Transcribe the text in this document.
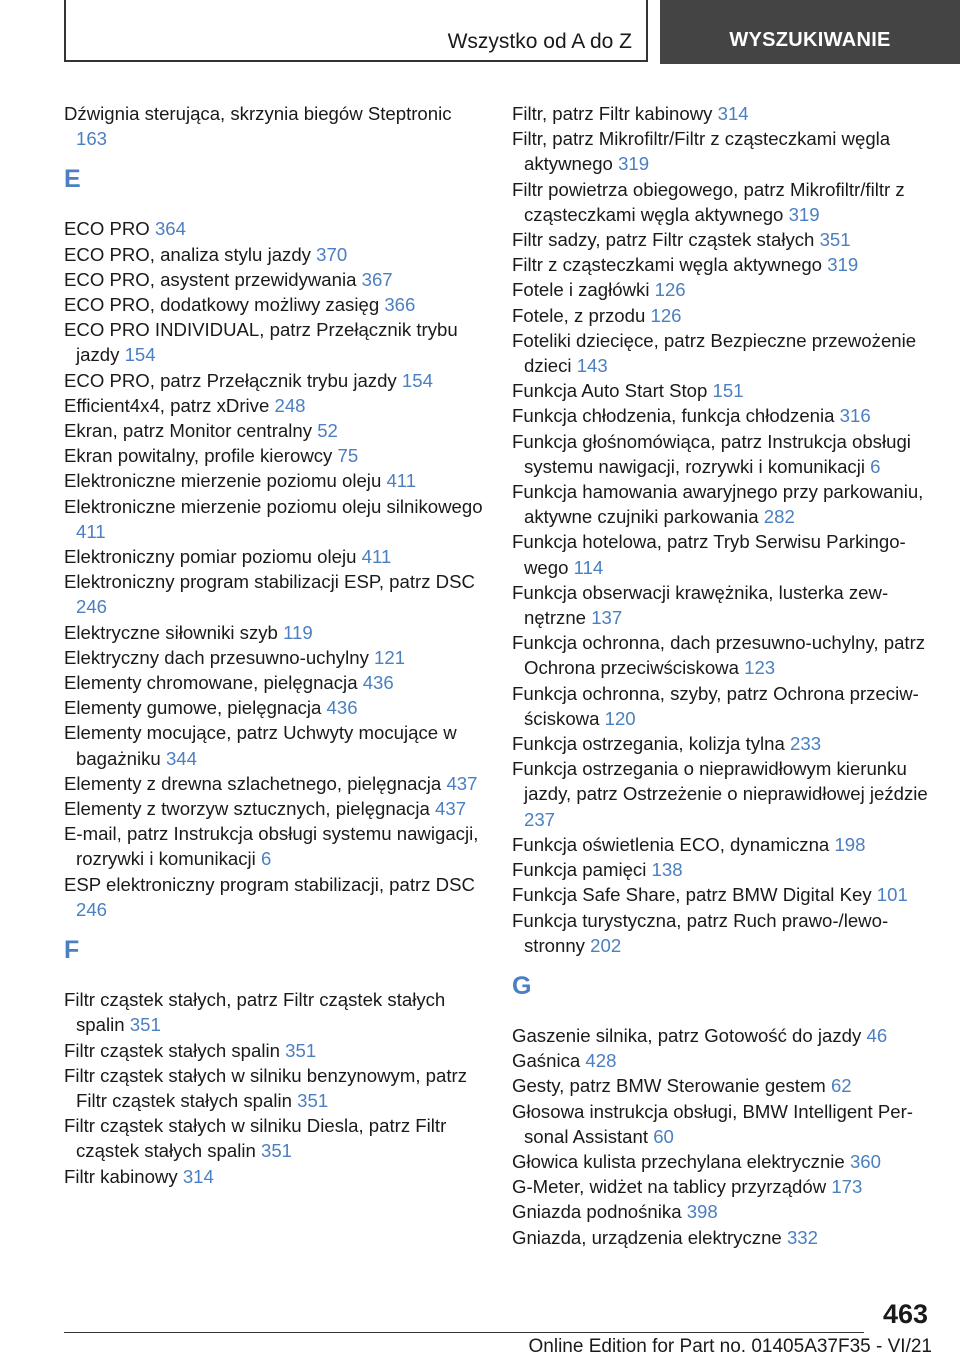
Wszystko od A do Z	WYSZUKIWANIE
Dźwignia sterująca, skrzynia biegów Steptronic 163
E
ECO PRO 364
ECO PRO, analiza stylu jazdy 370
ECO PRO, asystent przewidywania 367
ECO PRO, dodatkowy możliwy zasięg 366
ECO PRO INDIVIDUAL, patrz Przełącznik trybu jazdy 154
ECO PRO, patrz Przełącznik trybu jazdy 154
Efficient4x4, patrz xDrive 248
Ekran, patrz Monitor centralny 52
Ekran powitalny, profile kierowcy 75
Elektroniczne mierzenie poziomu oleju 411
Elektroniczne mierzenie poziomu oleju silnikowego 411
Elektroniczny pomiar poziomu oleju 411
Elektroniczny program stabilizacji ESP, patrz DSC 246
Elektryczne siłowniki szyb 119
Elektryczny dach przesuwno-uchylny 121
Elementy chromowane, pielęgnacja 436
Elementy gumowe, pielęgnacja 436
Elementy mocujące, patrz Uchwyty mocujące w bagażniku 344
Elementy z drewna szlachetnego, pielęgnacja 437
Elementy z tworzyw sztucznych, pielęgnacja 437
E-mail, patrz Instrukcja obsługi systemu nawigacji, rozrywki i komunikacji 6
ESP elektroniczny program stabilizacji, patrz DSC 246
F
Filtr cząstek stałych, patrz Filtr cząstek stałych spalin 351
Filtr cząstek stałych spalin 351
Filtr cząstek stałych w silniku benzynowym, patrz Filtr cząstek stałych spalin 351
Filtr cząstek stałych w silniku Diesla, patrz Filtr cząstek stałych spalin 351
Filtr kabinowy 314
Filtr, patrz Filtr kabinowy 314
Filtr, patrz Mikrofiltr/Filtr z cząsteczkami węgla aktywnego 319
Filtr powietrza obiegowego, patrz Mikrofiltr/filtr z cząsteczkami węgla aktywnego 319
Filtr sadzy, patrz Filtr cząstek stałych 351
Filtr z cząsteczkami węgla aktywnego 319
Fotele i zagłówki 126
Fotele, z przodu 126
Foteliki dziecięce, patrz Bezpieczne przewożenie dzieci 143
Funkcja Auto Start Stop 151
Funkcja chłodzenia, funkcja chłodzenia 316
Funkcja głośnomówiąca, patrz Instrukcja obsługi systemu nawigacji, rozrywki i komunikacji 6
Funkcja hamowania awaryjnego przy parkowaniu, aktywne czujniki parkowania 282
Funkcja hotelowa, patrz Tryb Serwisu Parkingowego 114
Funkcja obserwacji krawężnika, lusterka zewnętrzne 137
Funkcja ochronna, dach przesuwno-uchylny, patrz Ochrona przeciwściskowa 123
Funkcja ochronna, szyby, patrz Ochrona przeciwściskowa 120
Funkcja ostrzegania, kolizja tylna 233
Funkcja ostrzegania o nieprawidłowym kierunku jazdy, patrz Ostrzeżenie o nieprawidłowej jeździe 237
Funkcja oświetlenia ECO, dynamiczna 198
Funkcja pamięci 138
Funkcja Safe Share, patrz BMW Digital Key 101
Funkcja turystyczna, patrz Ruch prawo-/lewostronny 202
G
Gaszenie silnika, patrz Gotowość do jazdy 46
Gaśnica 428
Gesty, patrz BMW Sterowanie gestem 62
Głosowa instrukcja obsługi, BMW Intelligent Personal Assistant 60
Głowica kulista przechylana elektrycznie 360
G-Meter, widżet na tablicy przyrządów 173
Gniazda podnośnika 398
Gniazda, urządzenia elektryczne 332
463
Online Edition for Part no. 01405A37F35 - VI/21
